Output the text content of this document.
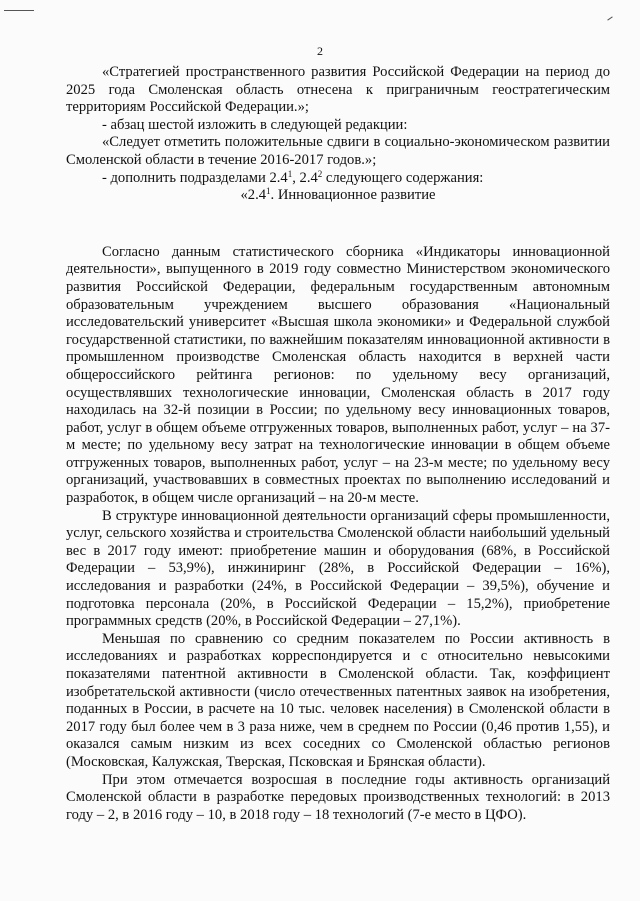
2

«Стратегией пространственного развития Российской Федерации на период до 2025 года Смоленская область отнесена к приграничным геостратегическим территориям Российской Федерации.»;

- абзац шестой изложить в следующей редакции:

«Следует отметить положительные сдвиги в социально-экономическом развитии Смоленской области в течение 2016-2017 годов.»;

- дополнить подразделами $2.4^1$, $2.4^2$ следующего содержания:

«$2.4^1$. Инновационное развитие

Согласно данным статистического сборника «Индикаторы инновационной деятельности», выпущенного в 2019 году совместно Министерством экономического развития Российской Федерации, федеральным государственным автономным образовательным учреждением высшего образования «Национальный исследовательский университет «Высшая школа экономики» и Федеральной службой государственной статистики, по важнейшим показателям инновационной активности в промышленном производстве Смоленская область находится в верхней части общероссийского рейтинга регионов: по удельному весу организаций, осуществлявших технологические инновации, Смоленская область в 2017 году находилась на 32-й позиции в России; по удельному весу инновационных товаров, работ, услуг в общем объеме отгруженных товаров, выполненных работ, услуг – на 37-м месте; по удельному весу затрат на технологические инновации в общем объеме отгруженных товаров, выполненных работ, услуг – на 23-м месте; по удельному весу организаций, участвовавших в совместных проектах по выполнению исследований и разработок, в общем числе организаций – на 20-м месте.

В структуре инновационной деятельности организаций сферы промышленности, услуг, сельского хозяйства и строительства Смоленской области наибольший удельный вес в 2017 году имеют: приобретение машин и оборудования (68%, в Российской Федерации – 53,9%), инжиниринг (28%, в Российской Федерации – 16%), исследования и разработки (24%, в Российской Федерации – 39,5%), обучение и подготовка персонала (20%, в Российской Федерации – 15,2%), приобретение программных средств (20%, в Российской Федерации – 27,1%).

Меньшая по сравнению со средним показателем по России активность в исследованиях и разработках корреспондируется и с относительно невысокими показателями патентной активности в Смоленской области. Так, коэффициент изобретательской активности (число отечественных патентных заявок на изобретения, поданных в России, в расчете на 10 тыс. человек населения) в Смоленской области в 2017 году был более чем в 3 раза ниже, чем в среднем по России (0,46 против 1,55), и оказался самым низким из всех соседних со Смоленской областью регионов (Московская, Калужская, Тверская, Псковская и Брянская области).

При этом отмечается возросшая в последние годы активность организаций Смоленской области в разработке передовых производственных технологий: в 2013 году – 2, в 2016 году – 10, в 2018 году – 18 технологий (7-е место в ЦФО).
